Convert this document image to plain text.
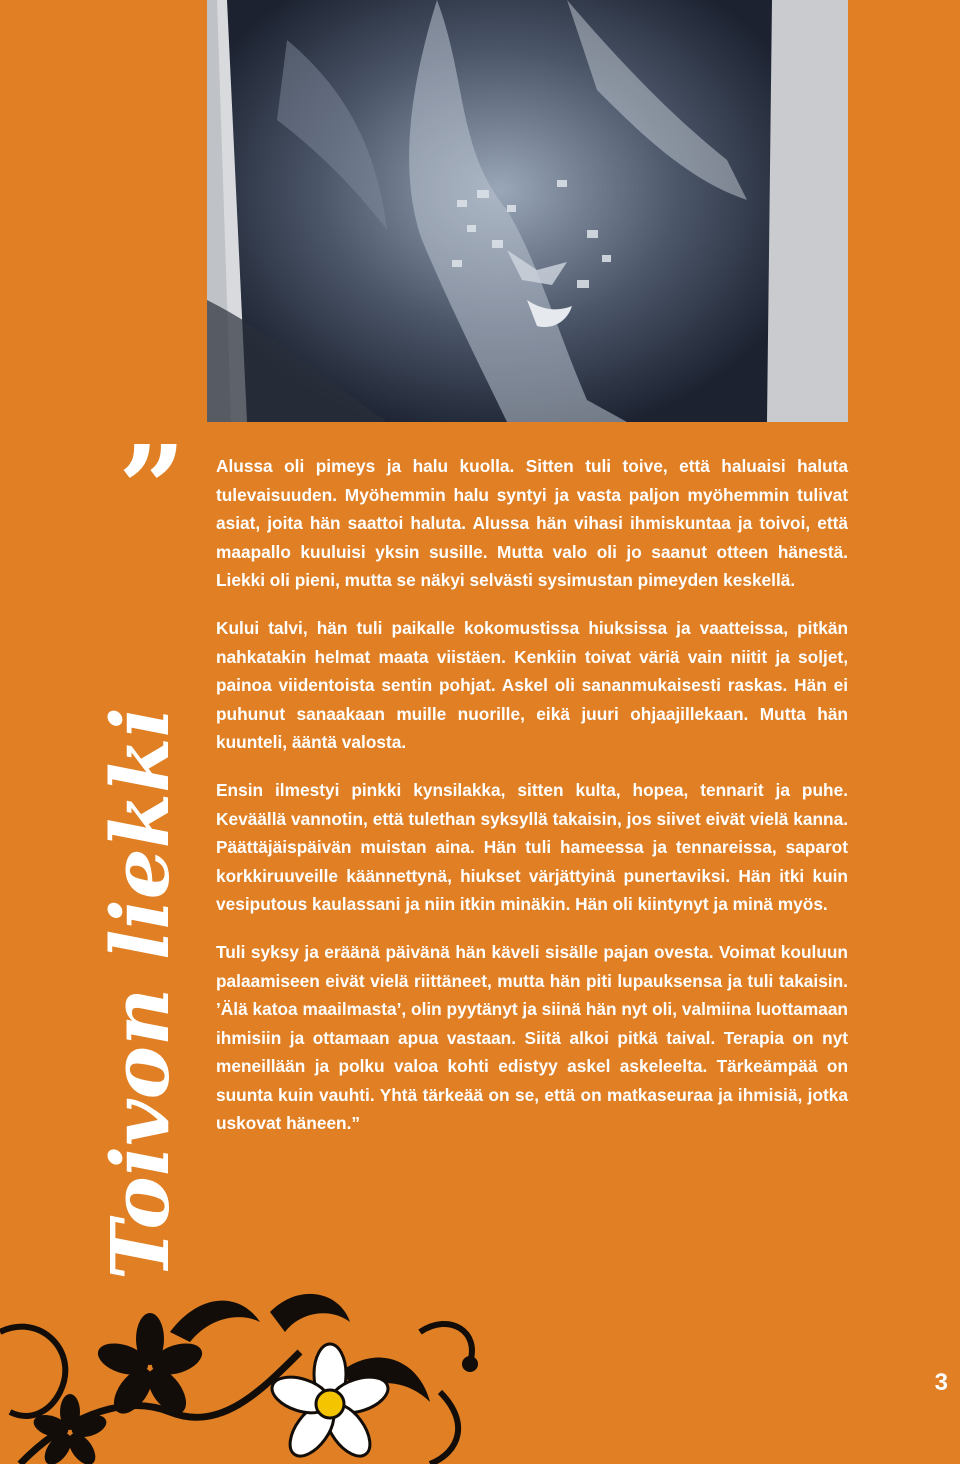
”
Toivon liekki

Alussa oli pimeys ja halu kuolla. Sitten tuli toive, että haluaisi haluta tulevaisuuden. Myöhemmin halu syntyi ja vasta paljon myöhemmin tulivat asiat, joita hän saattoi haluta. Alussa hän vihasi ihmiskuntaa ja toivoi, että maapallo kuuluisi yksin susille. Mutta valo oli jo saanut otteen hänestä. Liekki oli pieni, mutta se näkyi selvästi sysimustan pimeyden keskellä.

Kului talvi, hän tuli paikalle kokomustissa hiuksissa ja vaatteissa, pitkän nahkatakin helmat maata viistäen. Kenkiin toivat väriä vain niitit ja soljet, painoa viidentoista sentin pohjat. Askel oli sananmukaisesti raskas. Hän ei puhunut sanaakaan muille nuorille, eikä juuri ohjaajillekaan. Mutta hän kuunteli, ääntä valosta.

Ensin ilmestyi pinkki kynsilakka, sitten kulta, hopea, tennarit ja puhe. Keväällä vannotin, että tulethan syksyllä takaisin, jos siivet eivät vielä kanna. Päättäjäispäivän muistan aina. Hän tuli hameessa ja tennareissa, saparot korkkiruuveille käännettynä, hiukset värjättyinä punertaviksi. Hän itki kuin vesiputous kaulassani ja niin itkin minäkin. Hän oli kiintynyt ja minä myös.

Tuli syksy ja eräänä päivänä hän käveli sisälle pajan ovesta. Voimat kouluun palaamiseen eivät vielä riittäneet, mutta hän piti lupauksensa ja tuli takaisin. ’Älä katoa maailmasta’, olin pyytänyt ja siinä hän nyt oli, valmiina luottamaan ihmisiin ja ottamaan apua vastaan. Siitä alkoi pitkä taival. Terapia on nyt meneillään ja polku valoa kohti edistyy askel askeleelta. Tärkeämpää on suunta kuin vauhti. Yhtä tärkeää on se, että on matkaseuraa ja ihmisiä, jotka uskovat häneen.”

3
